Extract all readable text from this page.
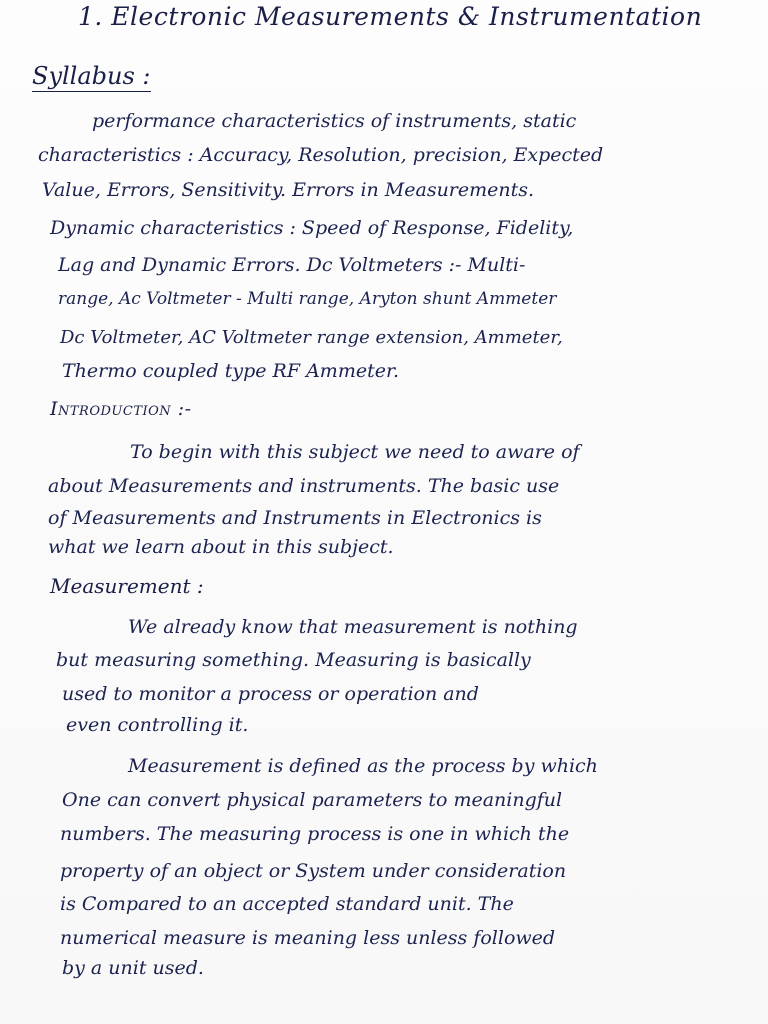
1. Electronic Measurements & Instrumentation
Syllabus :
performance characteristics of instruments, static
characteristics : Accuracy, Resolution, precision, Expected
Value, Errors, Sensitivity. Errors in Measurements.
Dynamic characteristics : Speed of Response, Fidelity,
Lag and Dynamic Errors. Dc Voltmeters :- Multi-
range, Ac Voltmeter - Multi range, Aryton shunt Ammeter
Dc Voltmeter, AC Voltmeter range extension, Ammeter,
Thermo coupled type RF Ammeter.
Introduction :-
To begin with this subject we need to aware of
about Measurements and instruments. The basic use
of Measurements and Instruments in Electronics is
what we learn about in this subject.
Measurement :
We already know that measurement is nothing
but measuring something. Measuring is basically
used to monitor a process or operation and
even controlling it.
Measurement is defined as the process by which
One can convert physical parameters to meaningful
numbers. The measuring process is one in which the
property of an object or System under consideration
is Compared to an accepted standard unit. The
numerical measure is meaning less unless followed
by a unit used.
